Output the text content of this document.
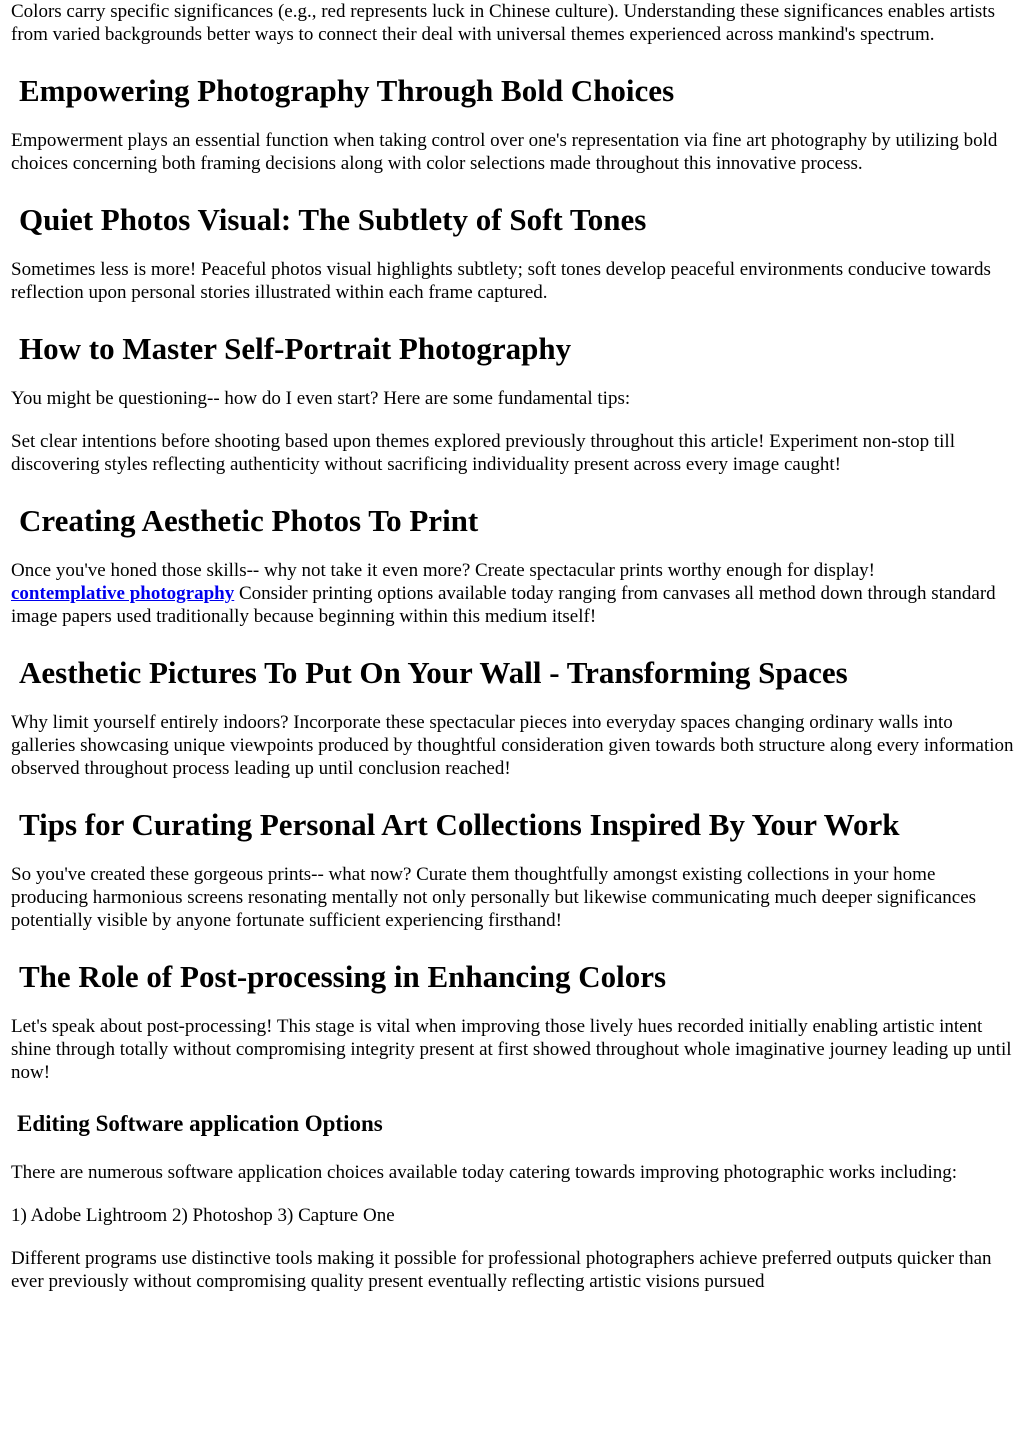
Colors carry specific significances (e.g., red represents luck in Chinese culture). Understanding these significances enables artists from varied backgrounds better ways to connect their deal with universal themes experienced across mankind's spectrum.

Empowering Photography Through Bold Choices

Empowerment plays an essential function when taking control over one's representation via fine art photography by utilizing bold choices concerning both framing decisions along with color selections made throughout this innovative process.

Quiet Photos Visual: The Subtlety of Soft Tones

Sometimes less is more! Peaceful photos visual highlights subtlety; soft tones develop peaceful environments conducive towards reflection upon personal stories illustrated within each frame captured.

How to Master Self-Portrait Photography

You might be questioning-- how do I even start? Here are some fundamental tips:

Set clear intentions before shooting based upon themes explored previously throughout this article! Experiment non-stop till discovering styles reflecting authenticity without sacrificing individuality present across every image caught!

Creating Aesthetic Photos To Print

Once you've honed those skills-- why not take it even more? Create spectacular prints worthy enough for display!
contemplative photography Consider printing options available today ranging from canvases all method down through standard image papers used traditionally because beginning within this medium itself!

Aesthetic Pictures To Put On Your Wall - Transforming Spaces

Why limit yourself entirely indoors? Incorporate these spectacular pieces into everyday spaces changing ordinary walls into galleries showcasing unique viewpoints produced by thoughtful consideration given towards both structure along every information observed throughout process leading up until conclusion reached!

Tips for Curating Personal Art Collections Inspired By Your Work

So you've created these gorgeous prints-- what now? Curate them thoughtfully amongst existing collections in your home producing harmonious screens resonating mentally not only personally but likewise communicating much deeper significances potentially visible by anyone fortunate sufficient experiencing firsthand!

The Role of Post-processing in Enhancing Colors

Let's speak about post-processing! This stage is vital when improving those lively hues recorded initially enabling artistic intent shine through totally without compromising integrity present at first showed throughout whole imaginative journey leading up until now!

Editing Software application Options

There are numerous software application choices available today catering towards improving photographic works including:

1) Adobe Lightroom 2) Photoshop 3) Capture One

Different programs use distinctive tools making it possible for professional photographers achieve preferred outputs quicker than ever previously without compromising quality present eventually reflecting artistic visions pursued
